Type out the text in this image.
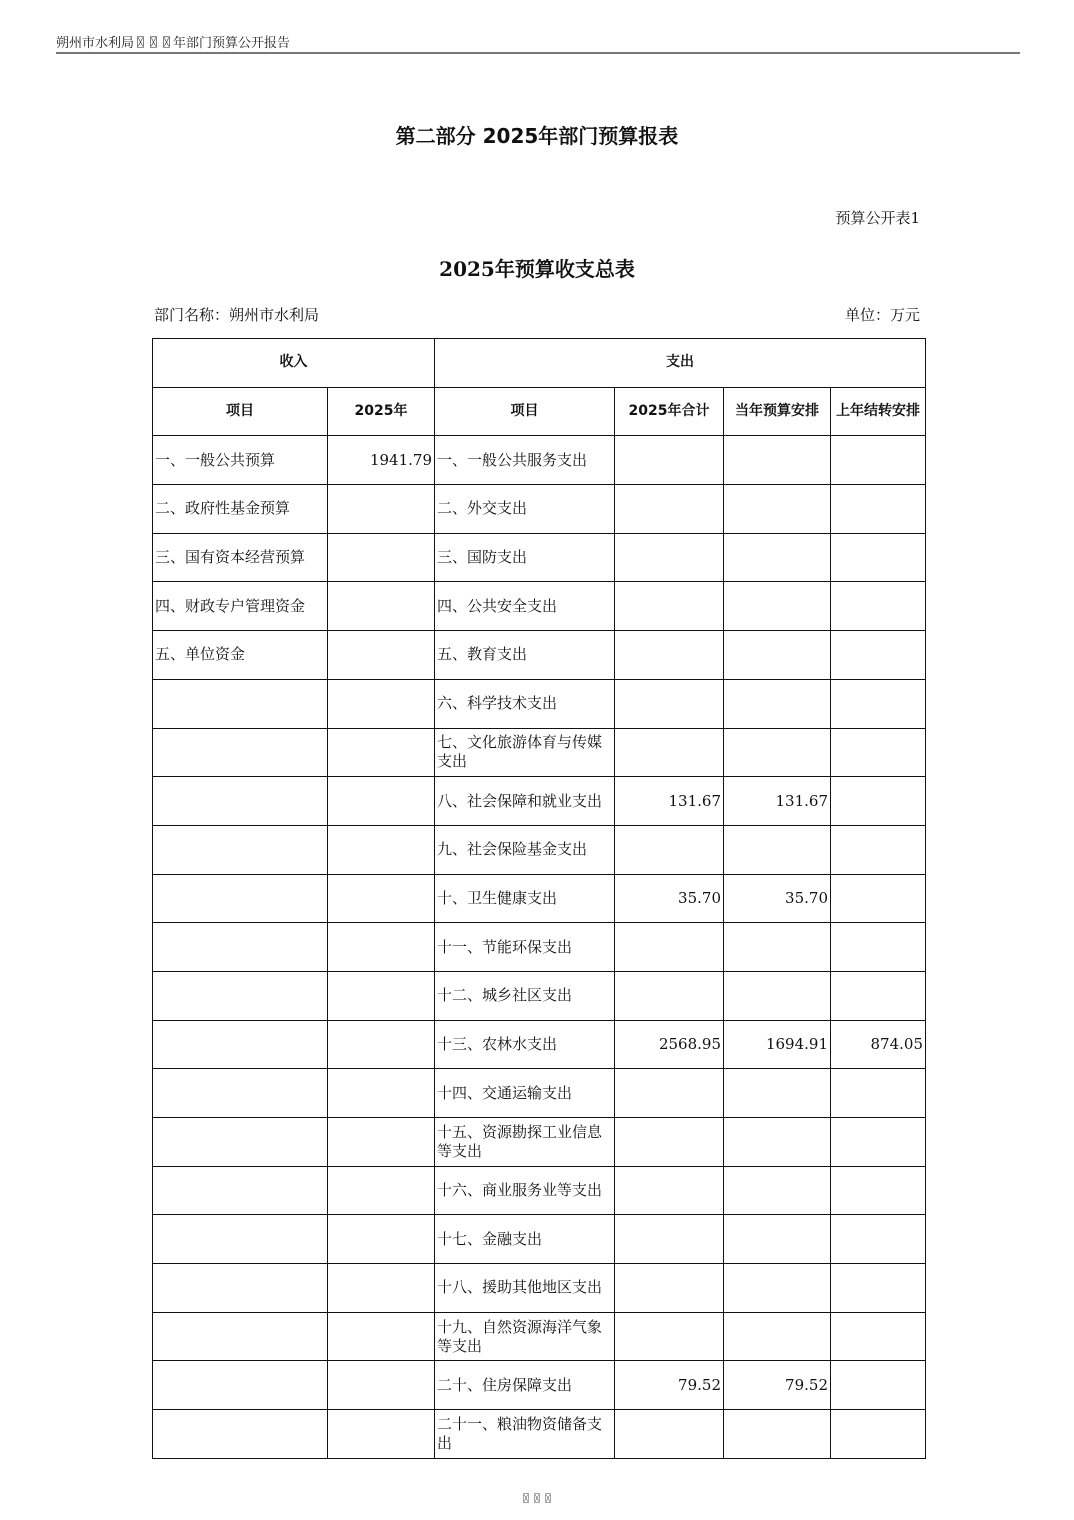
朔州市水利局〿〿〿年部门预算公开报告
第二部分 2025年部门预算报表
预算公开表1
2025年预算收支总表
部门名称：朔州市水利局	单位：万元
收入		支出			
项目	2025年	项目	2025年合计	当年预算安排	上年结转安排
一、一般公共预算	1941.79	一、一般公共服务支出			
二、政府性基金预算		二、外交支出			
三、国有资本经营预算		三、国防支出			
四、财政专户管理资金		四、公共安全支出			
五、单位资金		五、教育支出			
		六、科学技术支出			
		七、文化旅游体育与传媒支出			
		八、社会保障和就业支出	131.67	131.67	
		九、社会保险基金支出			
		十、卫生健康支出	35.70	35.70	
		十一、节能环保支出			
		十二、城乡社区支出			
		十三、农林水支出	2568.95	1694.91	874.05
		十四、交通运输支出			
		十五、资源勘探工业信息等支出			
		十六、商业服务业等支出			
		十七、金融支出			
		十八、援助其他地区支出			
		十九、自然资源海洋气象等支出			
		二十、住房保障支出	79.52	79.52	
		二十一、粮油物资储备支出			
〿〿〿
